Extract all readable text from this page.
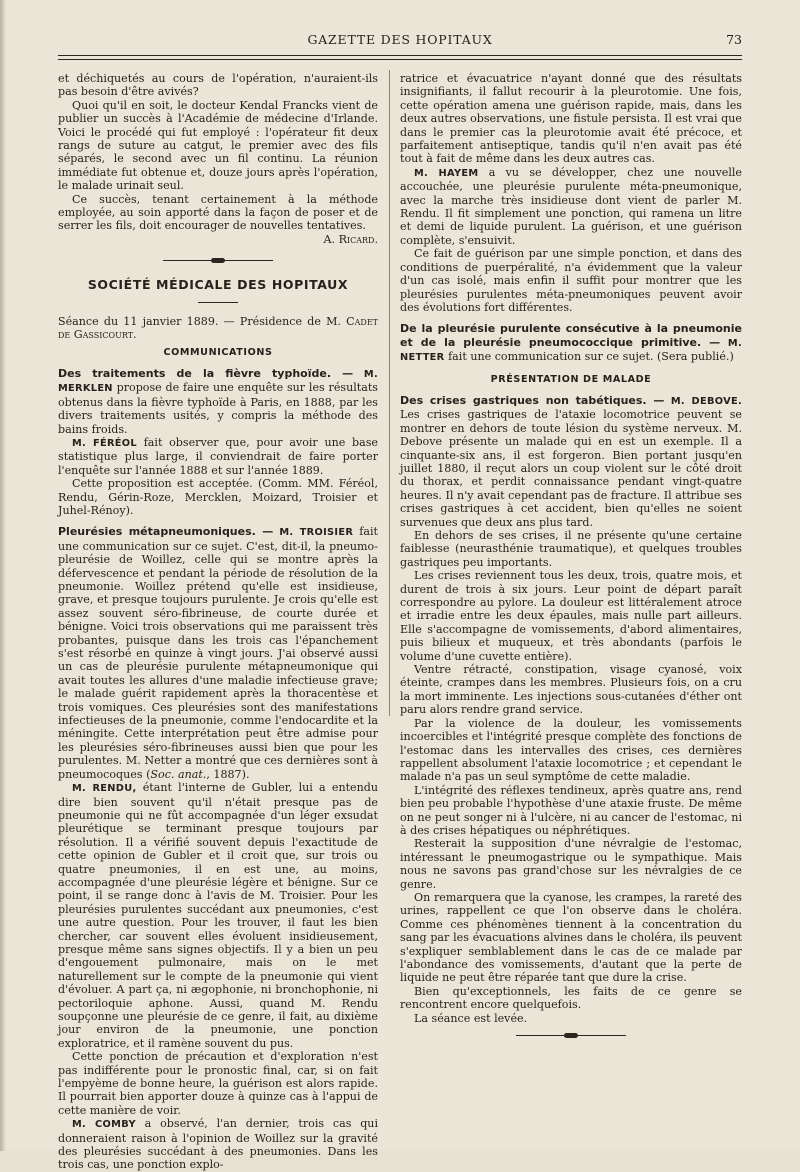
GAZETTE DES HOPITAUX	73

et déchiquetés au cours de l'opération, n'auraient-ils pas besoin d'être avivés?

Quoi qu'il en soit, le docteur Kendal Francks vient de publier un succès à l'Académie de médecine d'Irlande. Voici le procédé qui fut employé : l'opérateur fit deux rangs de suture au catgut, le premier avec des fils séparés, le second avec un fil continu. La réunion immédiate fut obtenue et, douze jours après l'opération, le malade urinait seul.

Ce succès, tenant certainement à la méthode employée, au soin apporté dans la façon de poser et de serrer les fils, doit encourager de nouvelles tentatives.
A. Ricard.

SOCIÉTÉ MÉDICALE DES HOPITAUX

Séance du 11 janvier 1889. — Présidence de M. Cadet de Gassicourt.

COMMUNICATIONS

Des traitements de la fièvre typhoïde. — M. MERKLEN propose de faire une enquête sur les résultats obtenus dans la fièvre typhoïde à Paris, en 1888, par les divers traitements usités, y compris la méthode des bains froids.

M. FÉRÉOL fait observer que, pour avoir une base statistique plus large, il conviendrait de faire porter l'enquête sur l'année 1888 et sur l'année 1889.

Cette proposition est acceptée. (Comm. MM. Féréol, Rendu, Gérin-Roze, Mercklen, Moizard, Troisier et Juhel-Rénoy).

Pleurésies métapneumoniques. — M. TROISIER fait une communication sur ce sujet. C'est, dit-il, la pneumo-pleurésie de Woillez, celle qui se montre après la défervescence et pendant la période de résolution de la pneumonie. Woillez prétend qu'elle est insidieuse, grave, et presque toujours purulente. Je crois qu'elle est assez souvent séro-fibrineuse, de courte durée et bénigne. Voici trois observations qui me paraissent très probantes, puisque dans les trois cas l'épanchement s'est résorbé en quinze à vingt jours. J'ai observé aussi un cas de pleurésie purulente métapneumonique qui avait toutes les allures d'une maladie infectieuse grave; le malade guérit rapidement après la thoracentèse et trois vomiques. Ces pleurésies sont des manifestations infectieuses de la pneumonie, comme l'endocardite et la méningite. Cette interprétation peut être admise pour les pleurésies séro-fibrineuses aussi bien que pour les purulentes. M. Netter a montré que ces dernières sont à pneumocoques (Soc. anat., 1887).

M. RENDU, étant l'interne de Gubler, lui a entendu dire bien souvent qu'il n'était presque pas de pneumonie qui ne fût accompagnée d'un léger exsudat pleurétique se terminant presque toujours par résolution. Il a vérifié souvent depuis l'exactitude de cette opinion de Gubler et il croit que, sur trois ou quatre pneumonies, il en est une, au moins, accompagnée d'une pleurésie légère et bénigne. Sur ce point, il se range donc à l'avis de M. Troisier. Pour les pleurésies purulentes succédant aux pneumonies, c'est une autre question. Pour les trouver, il faut les bien chercher, car souvent elles évoluent insidieusement, presque même sans signes objectifs. Il y a bien un peu d'engouement pulmonaire, mais on le met naturellement sur le compte de la pneumonie qui vient d'évoluer. A part ça, ni ægophonie, ni bronchophonie, ni pectoriloquie aphone. Aussi, quand M. Rendu soupçonne une pleurésie de ce genre, il fait, au dixième jour environ de la pneumonie, une ponction exploratrice, et il ramène souvent du pus.

Cette ponction de précaution et d'exploration n'est pas indifférente pour le pronostic final, car, si on fait l'empyème de bonne heure, la guérison est alors rapide. Il pourrait bien apporter douze à quinze cas à l'appui de cette manière de voir.

M. COMBY a observé, l'an dernier, trois cas qui donneraient raison à l'opinion de Woillez sur la gravité des pleurésies succédant à des pneumonies. Dans les trois cas, une ponction explo-

ratrice et évacuatrice n'ayant donné que des résultats insignifiants, il fallut recourir à la pleurotomie. Une fois, cette opération amena une guérison rapide, mais, dans les deux autres observations, une fistule persista. Il est vrai que dans le premier cas la pleurotomie avait été précoce, et parfaitement antiseptique, tandis qu'il n'en avait pas été tout à fait de même dans les deux autres cas.

M. HAYEM a vu se développer, chez une nouvelle accouchée, une pleurésie purulente méta-pneumonique, avec la marche très insidieuse dont vient de parler M. Rendu. Il fit simplement une ponction, qui ramena un litre et demi de liquide purulent. La guérison, et une guérison complète, s'ensuivit.

Ce fait de guérison par une simple ponction, et dans des conditions de puerpéralité, n'a évidemment que la valeur d'un cas isolé, mais enfin il suffit pour montrer que les pleurésies purulentes méta-pneumoniques peuvent avoir des évolutions fort différentes.

De la pleurésie purulente consécutive à la pneumonie et de la pleurésie pneumococcique primitive. — M. NETTER fait une communication sur ce sujet. (Sera publié.)

PRÉSENTATION DE MALADE

Des crises gastriques non tabétiques. — M. DEBOVE. Les crises gastriques de l'ataxie locomotrice peuvent se montrer en dehors de toute lésion du système nerveux. M. Debove présente un malade qui en est un exemple. Il a cinquante-six ans, il est forgeron. Bien portant jusqu'en juillet 1880, il reçut alors un coup violent sur le côté droit du thorax, et perdit connaissance pendant vingt-quatre heures. Il n'y avait cependant pas de fracture. Il attribue ses crises gastriques à cet accident, bien qu'elles ne soient survenues que deux ans plus tard.

En dehors de ses crises, il ne présente qu'une certaine faiblesse (neurasthénie traumatique), et quelques troubles gastriques peu importants.

Les crises reviennent tous les deux, trois, quatre mois, et durent de trois à six jours. Leur point de départ paraît correspondre au pylore. La douleur est littéralement atroce et irradie entre les deux épaules, mais nulle part ailleurs. Elle s'accompagne de vomissements, d'abord alimentaires, puis bilieux et muqueux, et très abondants (parfois le volume d'une cuvette entière).

Ventre rétracté, constipation, visage cyanosé, voix éteinte, crampes dans les membres. Plusieurs fois, on a cru la mort imminente. Les injections sous-cutanées d'éther ont paru alors rendre grand service.

Par la violence de la douleur, les vomissements incoercibles et l'intégrité presque complète des fonctions de l'estomac dans les intervalles des crises, ces dernières rappellent absolument l'ataxie locomotrice ; et cependant le malade n'a pas un seul symptôme de cette maladie.

L'intégrité des réflexes tendineux, après quatre ans, rend bien peu probable l'hypothèse d'une ataxie fruste. De même on ne peut songer ni à l'ulcère, ni au cancer de l'estomac, ni à des crises hépatiques ou néphrétiques.

Resterait la supposition d'une névralgie de l'estomac, intéressant le pneumogastrique ou le sympathique. Mais nous ne savons pas grand'chose sur les névralgies de ce genre.

On remarquera que la cyanose, les crampes, la rareté des urines, rappellent ce que l'on observe dans le choléra. Comme ces phénomènes tiennent à la concentration du sang par les évacuations alvines dans le choléra, ils peuvent s'expliquer semblablement dans le cas de ce malade par l'abondance des vomissements, d'autant que la perte de liquide ne peut être réparée tant que dure la crise.

Bien qu'exceptionnels, les faits de ce genre se rencontrent encore quelquefois.

La séance est levée.
